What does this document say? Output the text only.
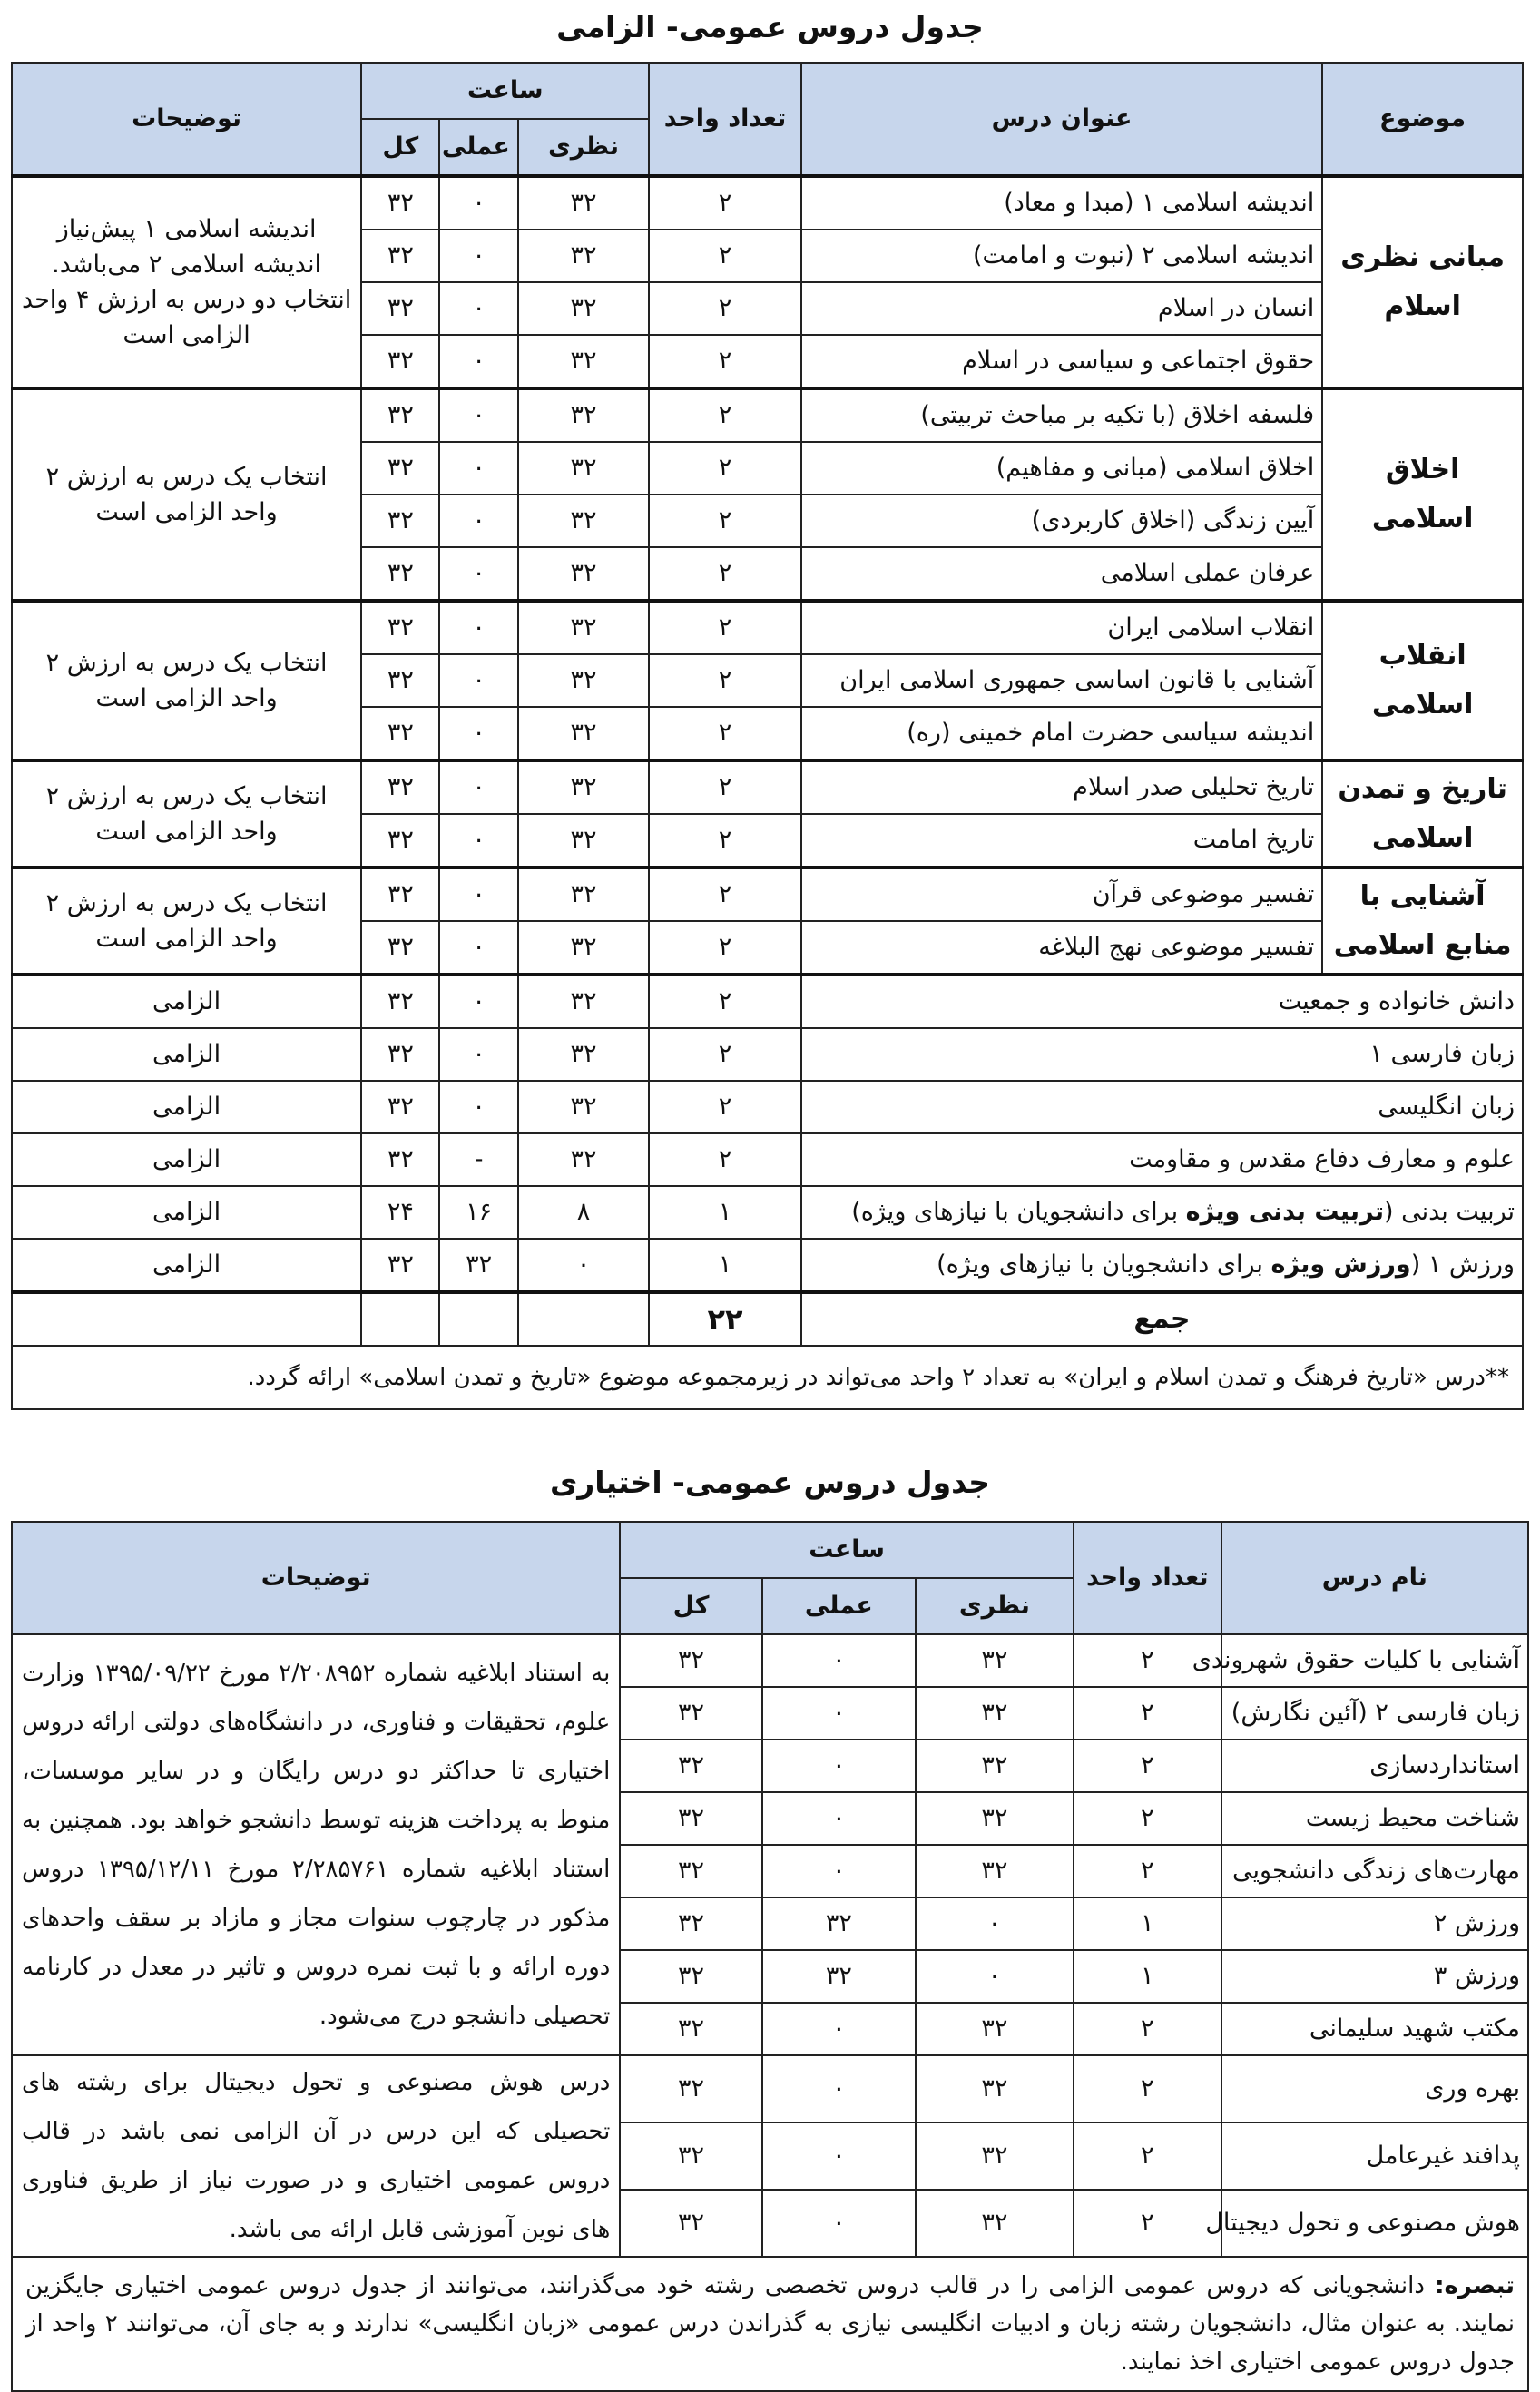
جدول دروس عمومی- الزامی
موضوع	عنوان درس	تعداد واحد	ساعت			توضیحات
			نظری	عملی	کل	
مبانی نظری اسلام	اندیشه اسلامی ۱ (مبدا و معاد)	۲	۳۲	۰	۳۲	اندیشه اسلامی ۱ پیش‌نیاز اندیشه اسلامی ۲ می‌باشد. انتخاب دو درس به ارزش ۴ واحد الزامی است
	اندیشه اسلامی ۲ (نبوت و امامت)	۲	۳۲	۰	۳۲	
	انسان در اسلام	۲	۳۲	۰	۳۲	
	حقوق اجتماعی و سیاسی در اسلام	۲	۳۲	۰	۳۲	
اخلاق اسلامی	فلسفه اخلاق (با تکیه بر مباحث تربیتی)	۲	۳۲	۰	۳۲	انتخاب یک درس به ارزش ۲ واحد الزامی است
	اخلاق اسلامی (مبانی و مفاهیم)	۲	۳۲	۰	۳۲	
	آیین زندگی (اخلاق کاربردی)	۲	۳۲	۰	۳۲	
	عرفان عملی اسلامی	۲	۳۲	۰	۳۲	
انقلاب اسلامی	انقلاب اسلامی ایران	۲	۳۲	۰	۳۲	انتخاب یک درس به ارزش ۲ واحد الزامی است
	آشنایی با قانون اساسی جمهوری اسلامی ایران	۲	۳۲	۰	۳۲	
	اندیشه سیاسی حضرت امام خمینی (ره)	۲	۳۲	۰	۳۲	
تاریخ و تمدن اسلامی	تاریخ تحلیلی صدر اسلام	۲	۳۲	۰	۳۲	انتخاب یک درس به ارزش ۲ واحد الزامی است
	تاریخ امامت	۲	۳۲	۰	۳۲	
آشنایی با منابع اسلامی	تفسیر موضوعی قرآن	۲	۳۲	۰	۳۲	انتخاب یک درس به ارزش ۲ واحد الزامی است
	تفسیر موضوعی نهج البلاغه	۲	۳۲	۰	۳۲	
دانش خانواده و جمعیت		۲	۳۲	۰	۳۲	الزامی
زبان فارسی ۱		۲	۳۲	۰	۳۲	الزامی
زبان انگلیسی		۲	۳۲	۰	۳۲	الزامی
علوم و معارف دفاع مقدس و مقاومت		۲	۳۲	-	۳۲	الزامی
تربیت بدنی (تربیت بدنی ویژه برای دانشجویان با نیازهای ویژه)		۱	۸	۱۶	۲۴	الزامی
ورزش ۱ (ورزش ویژه برای دانشجویان با نیازهای ویژه)		۱	۰	۳۲	۳۲	الزامی
جمع		۲۲				
**درس «تاریخ فرهنگ و تمدن اسلام و ایران» به تعداد ۲ واحد می‌تواند در زیرمجموعه موضوع «تاریخ و تمدن اسلامی» ارائه گردد.						
جدول دروس عمومی- اختیاری
نام درس	تعداد واحد	ساعت			توضیحات
		نظری	عملی	کل	
آشنایی با کلیات حقوق شهروندی	۲	۳۲	۰	۳۲	به استناد ابلاغیه شماره ۲/۲۰۸۹۵۲ مورخ ۱۳۹۵/۰۹/۲۲ وزارت علوم، تحقیقات و فناوری، در دانشگاه‌های دولتی ارائه دروس اختیاری تا حداکثر دو درس رایگان و در سایر موسسات، منوط به پرداخت هزینه توسط دانشجو خواهد بود. همچنین به استناد ابلاغیه شماره ۲/۲۸۵۷۶۱ مورخ ۱۳۹۵/۱۲/۱۱ دروس مذکور در چارچوب سنوات مجاز و مازاد بر سقف واحدهای دوره ارائه و با ثبت نمره دروس و تاثیر در معدل در کارنامه تحصیلی دانشجو درج می‌شود.
زبان فارسی ۲ (آئین نگارش)	۲	۳۲	۰	۳۲	
استانداردسازی	۲	۳۲	۰	۳۲	
شناخت محیط زیست	۲	۳۲	۰	۳۲	
مهارت‌های زندگی دانشجویی	۲	۳۲	۰	۳۲	
ورزش ۲	۱	۰	۳۲	۳۲	
ورزش ۳	۱	۰	۳۲	۳۲	
مکتب شهید سلیمانی	۲	۳۲	۰	۳۲	
بهره وری	۲	۳۲	۰	۳۲	درس هوش مصنوعی و تحول دیجیتال برای رشته های تحصیلی که این درس در آن الزامی نمی باشد در قالب دروس عمومی اختیاری و در صورت نیاز از طریق فناوری های نوین آموزشی قابل ارائه می باشد.
پدافند غیرعامل	۲	۳۲	۰	۳۲	
هوش مصنوعی و تحول دیجیتال	۲	۳۲	۰	۳۲	
تبصره: دانشجویانی که دروس عمومی الزامی را در قالب دروس تخصصی رشته خود می‌گذرانند، می‌توانند از جدول دروس عمومی اختیاری جایگزین نمایند. به عنوان مثال، دانشجویان رشته زبان و ادبیات انگلیسی نیازی به گذراندن درس عمومی «زبان انگلیسی» ندارند و به جای آن، می‌توانند ۲ واحد از جدول دروس عمومی اختیاری اخذ نمایند.					
